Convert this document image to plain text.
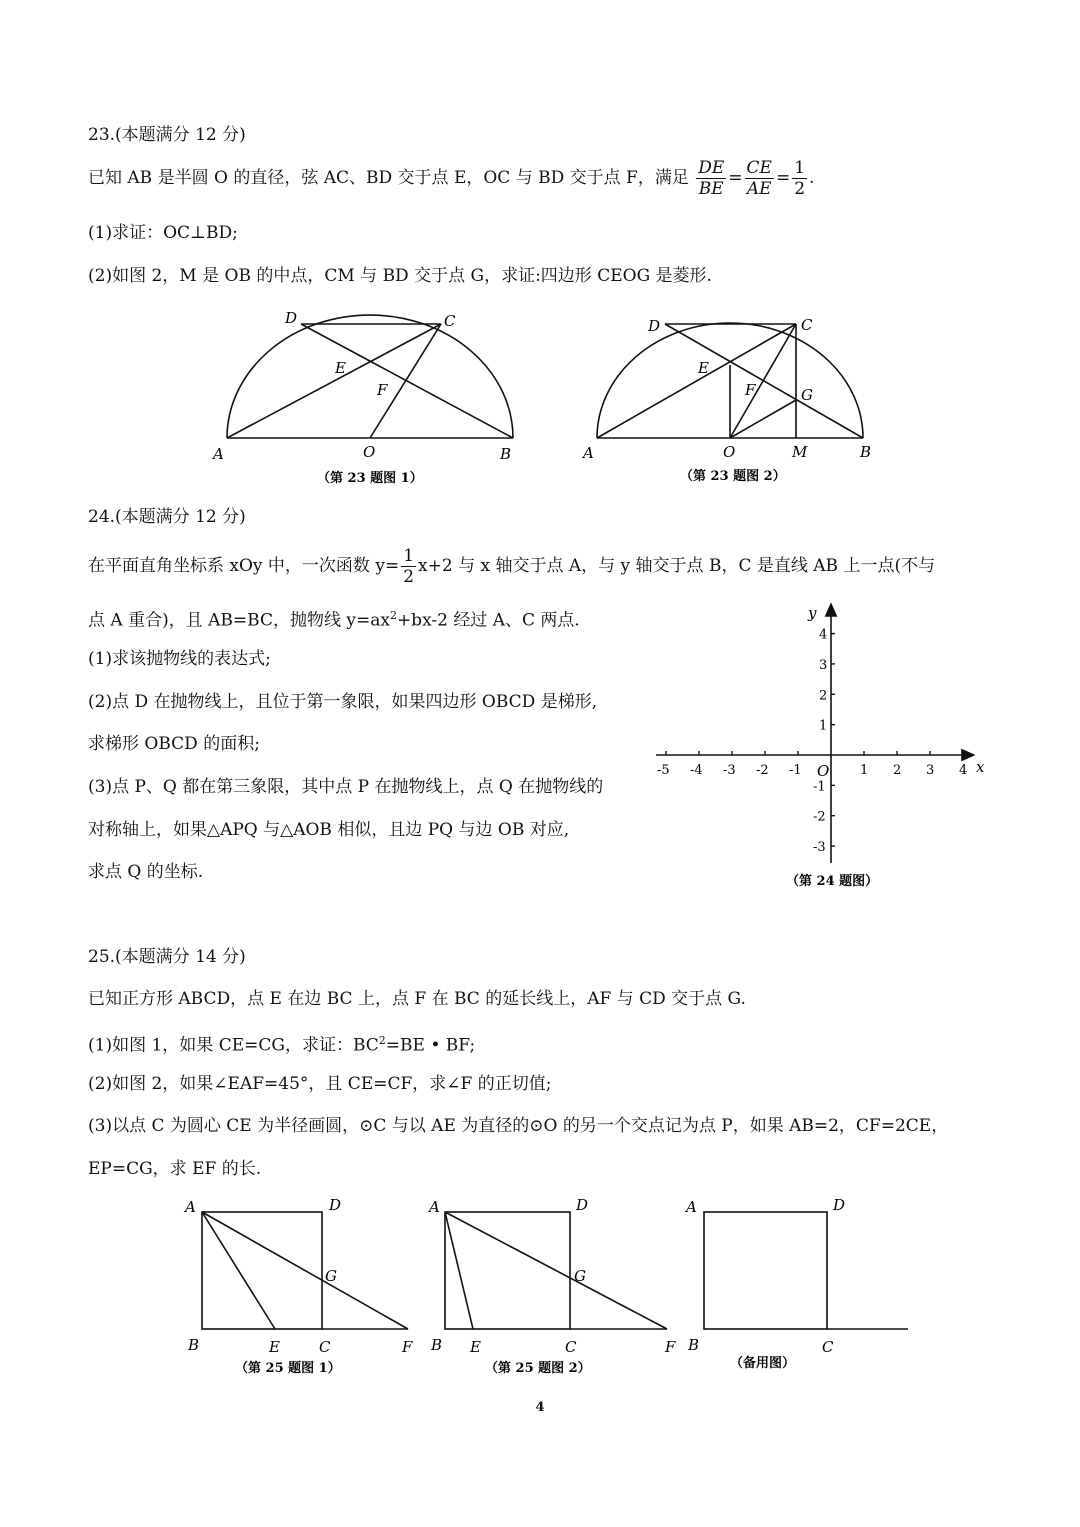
23.(本题满分 12 分)
已知 AB 是半圆 O 的直径，弦 AC、BD 交于点 E，OC 与 BD 交于点 F，满足 $\frac{DE}{BE} = \frac{CE}{AE} = \frac{1}{2}$ .
(1)求证：OC⊥BD;
(2)如图 2，M 是 OB 的中点，CM 与 BD 交于点 G，求证:四边形 CEOG 是菱形.
D	C
E
F
A	O	B
（第 23 题图 1）
D	C
E
F	G
A	O	M	B
（第 23 题图 2）
24.(本题满分 12 分)
在平面直角坐标系 xOy 中，一次函数 $y= \frac{1}{2} x+2$ 与 x 轴交于点 A，与 y 轴交于点 B，C 是直线 AB 上一点(不与
点 A 重合)，且 AB=BC，抛物线 $y=ax^2+bx-2$ 经过 A、C 两点.
(1)求该抛物线的表达式;
(2)点 D 在抛物线上，且位于第一象限，如果四边形 OBCD 是梯形,
求梯形 OBCD 的面积;
(3)点 P、Q 都在第三象限，其中点 P 在抛物线上，点 Q 在抛物线的
对称轴上，如果△APQ 与△AOB 相似，且边 PQ 与边 OB 对应,
求点 Q 的坐标.
-5 -4 -3 -2 -1	1 2 3 4
4
3
2
1
-1
-2
-3
x
y
O
（第 24 题图）
25.(本题满分 14 分)
已知正方形 ABCD，点 E 在边 BC 上，点 F 在 BC 的延长线上，AF 与 CD 交于点 G.
(1)如图 1，如果 CE=CG，求证：$BC^2=BE$ • BF;
(2)如图 2，如果∠EAF=45°，且 CE=CF，求∠F 的正切值;
(3)以点 C 为圆心 CE 为半径画圆，⊙C 与以 AE 为直径的⊙O 的另一个交点记为点 P，如果 AB=2，CF=2CE，
EP=CG，求 EF 的长.
A	D
G
B	E	C	F
（第 25 题图 1）
A	D
G
B E	C	F
（第 25 题图 2）
A	D
B	C
（备用图）
4
